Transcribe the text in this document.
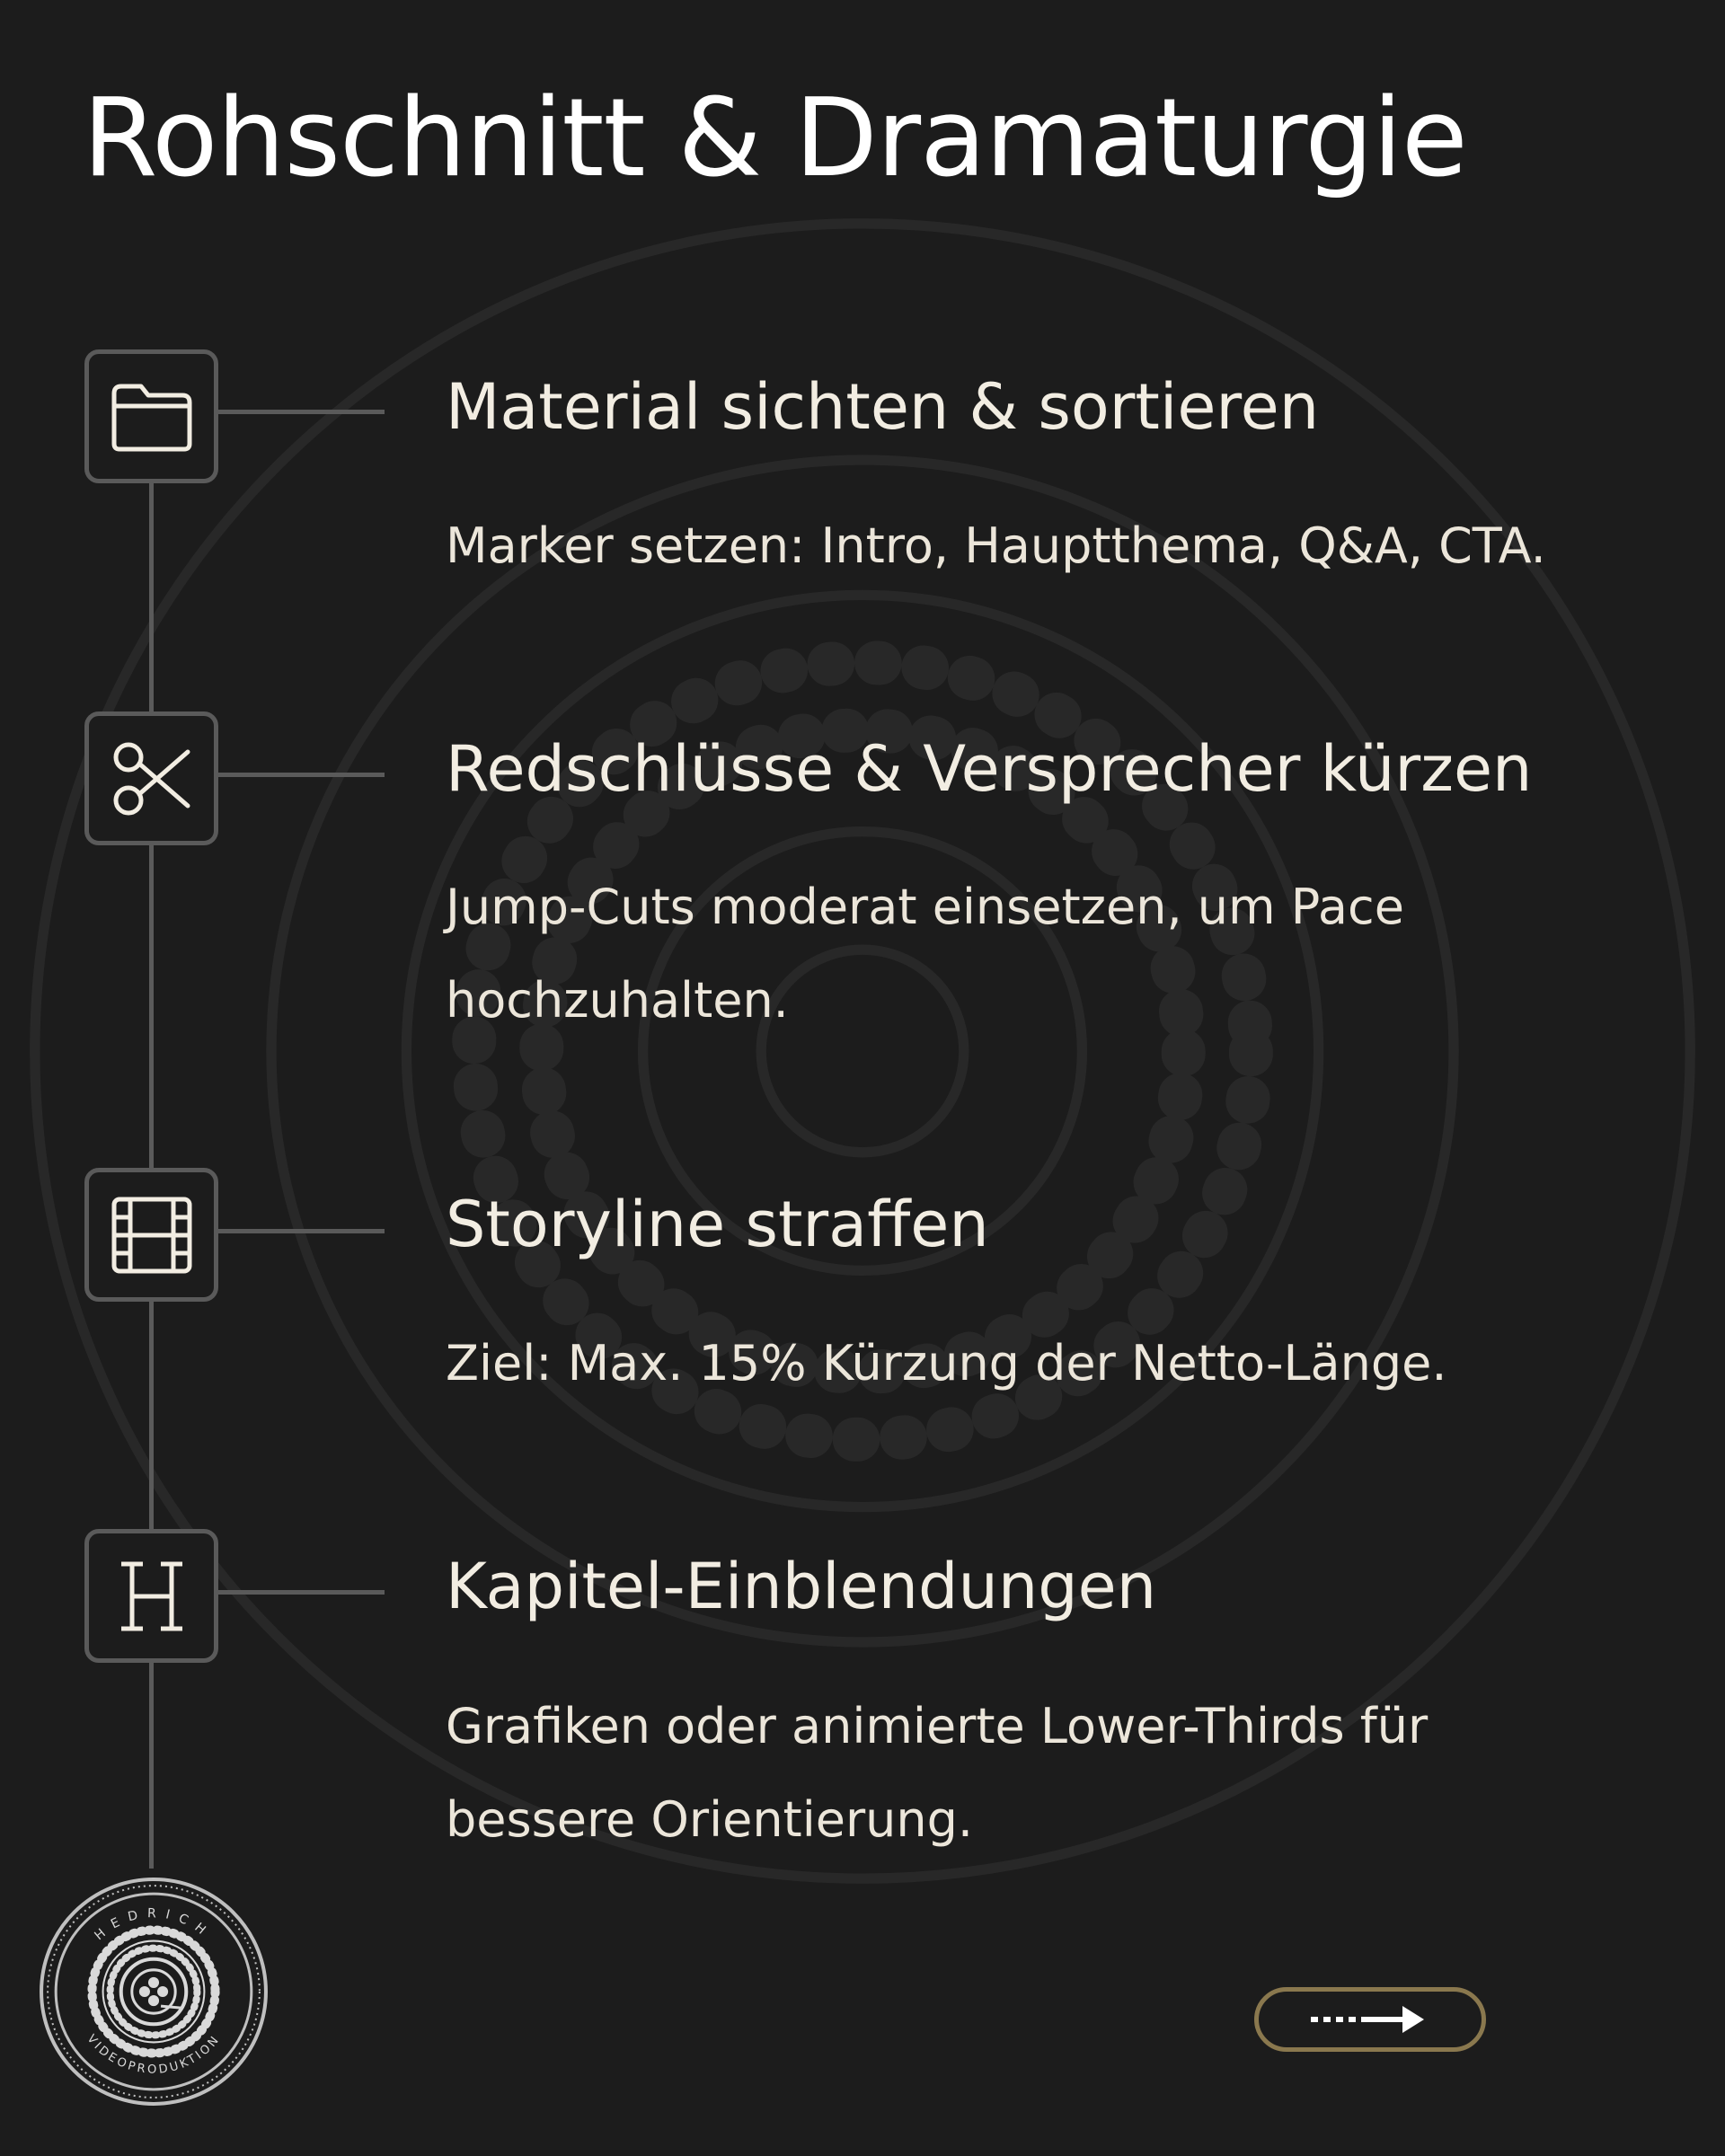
Rohschnitt & Dramaturgie
Material sichten & sortieren

Marker setzen: Intro, Hauptthema, Q&A, CTA.

Redschlüsse & Versprecher kürzen

Jump-Cuts moderat einsetzen, um Pace hochzuhalten.

Storyline straffen

Ziel: Max. 15% Kürzung der Netto-Länge.

Kapitel-Einblendungen

Grafiken oder animierte Lower-Thirds für bessere Orientierung.

HEDRICH
VIDEOPRODUKTION
